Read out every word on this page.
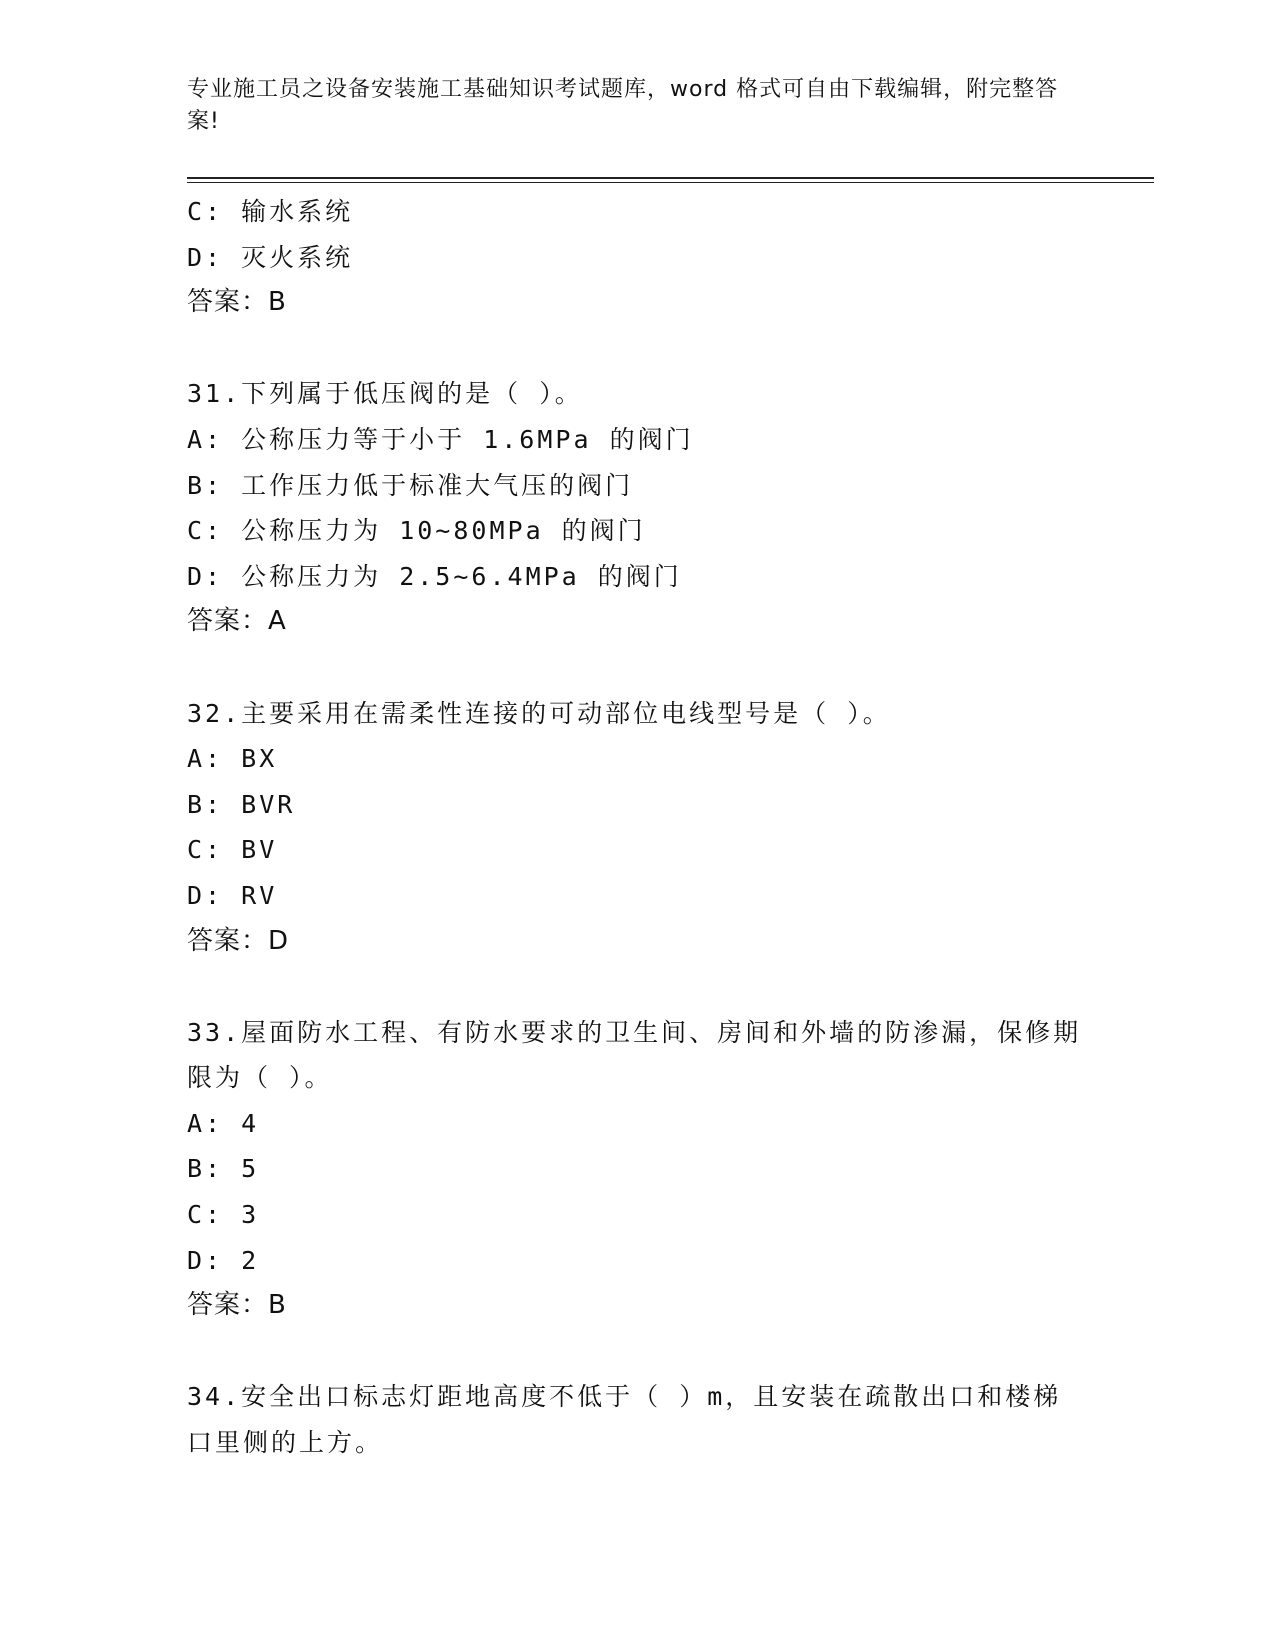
专业施工员之设备安装施工基础知识考试题库，word 格式可自由下载编辑，附完整答案!
C: 输水系统
D: 灭火系统
答案：B
31.下列属于低压阀的是（ ）。
A: 公称压力等于小于 1.6MPa 的阀门
B: 工作压力低于标准大气压的阀门
C: 公称压力为 10~80MPa 的阀门
D: 公称压力为 2.5~6.4MPa 的阀门
答案：A
32.主要采用在需柔性连接的可动部位电线型号是（ ）。
A: BX
B: BVR
C: BV
D: RV
答案：D
33.屋面防水工程、有防水要求的卫生间、房间和外墙的防渗漏，保修期限为（ ）。
A: 4
B: 5
C: 3
D: 2
答案：B
34.安全出口标志灯距地高度不低于（ ）m，且安装在疏散出口和楼梯口里侧的上方。
